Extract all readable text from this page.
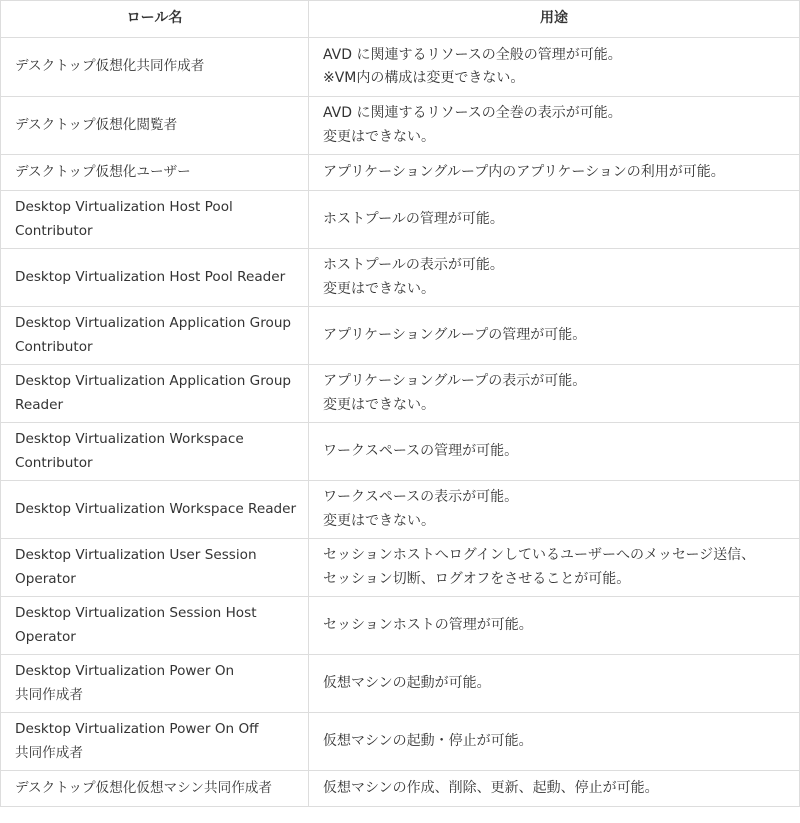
ロール名	用途
デスクトップ仮想化共同作成者	AVD に関連するリソースの全般の管理が可能。
※VM内の構成は変更できない。
デスクトップ仮想化閲覧者	AVD に関連するリソースの全巻の表示が可能。
変更はできない。
デスクトップ仮想化ユーザー	アプリケーショングループ内のアプリケーションの利用が可能。
Desktop Virtualization Host Pool
Contributor	ホストプールの管理が可能。
Desktop Virtualization Host Pool Reader	ホストプールの表示が可能。
変更はできない。
Desktop Virtualization Application Group
Contributor	アプリケーショングループの管理が可能。
Desktop Virtualization Application Group
Reader	アプリケーショングループの表示が可能。
変更はできない。
Desktop Virtualization Workspace
Contributor	ワークスペースの管理が可能。
Desktop Virtualization Workspace Reader	ワークスペースの表示が可能。
変更はできない。
Desktop Virtualization User Session
Operator	セッションホストへログインしているユーザーへのメッセージ送信、
セッション切断、ログオフをさせることが可能。
Desktop Virtualization Session Host
Operator	セッションホストの管理が可能。
Desktop Virtualization Power On
共同作成者	仮想マシンの起動が可能。
Desktop Virtualization Power On Off
共同作成者	仮想マシンの起動・停止が可能。
デスクトップ仮想化仮想マシン共同作成者	仮想マシンの作成、削除、更新、起動、停止が可能。
